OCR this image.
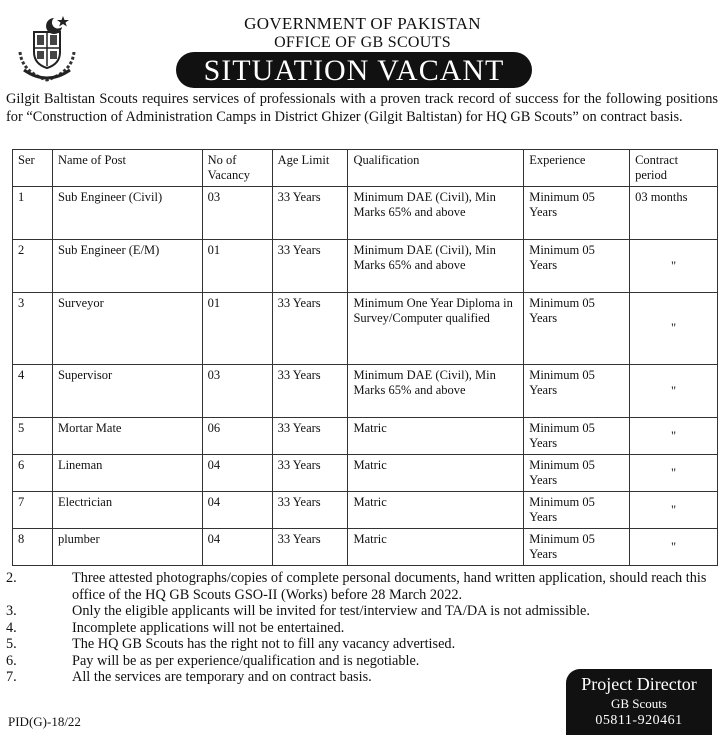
GOVERNMENT OF PAKISTAN
OFFICE OF GB SCOUTS
SITUATION VACANT
Gilgit Baltistan Scouts requires services of professionals with a proven track record of success for the following positions for “Construction of Administration Camps in District Ghizer (Gilgit Baltistan) for HQ GB Scouts” on contract basis.
Ser	Name of Post	No of Vacancy	Age Limit	Qualification	Experience	Contract period
1	Sub Engineer (Civil)	03	33 Years	Minimum DAE (Civil), Min Marks 65% and above	Minimum 05 Years	03 months
2	Sub Engineer (E/M)	01	33 Years	Minimum DAE (Civil), Min Marks 65% and above	Minimum 05 Years	"
3	Surveyor	01	33 Years	Minimum One Year Diploma in Survey/Computer qualified	Minimum 05 Years	"
4	Supervisor	03	33 Years	Minimum DAE (Civil), Min Marks 65% and above	Minimum 05 Years	"
5	Mortar Mate	06	33 Years	Matric	Minimum 05 Years	"
6	Lineman	04	33 Years	Matric	Minimum 05 Years	"
7	Electrician	04	33 Years	Matric	Minimum 05 Years	"
8	plumber	04	33 Years	Matric	Minimum 05 Years	"
2.	Three attested photographs/copies of complete personal documents, hand written application, should reach this office of the HQ GB Scouts GSO-II (Works) before 28 March 2022.
3.	Only the eligible applicants will be invited for test/interview and TA/DA is not admissible.
4.	Incomplete applications will not be entertained.
5.	The HQ GB Scouts has the right not to fill any vacancy advertised.
6.	Pay will be as per experience/qualification and is negotiable.
7.	All the services are temporary and on contract basis.
PID(G)-18/22
Project Director
GB Scouts
05811-920461
